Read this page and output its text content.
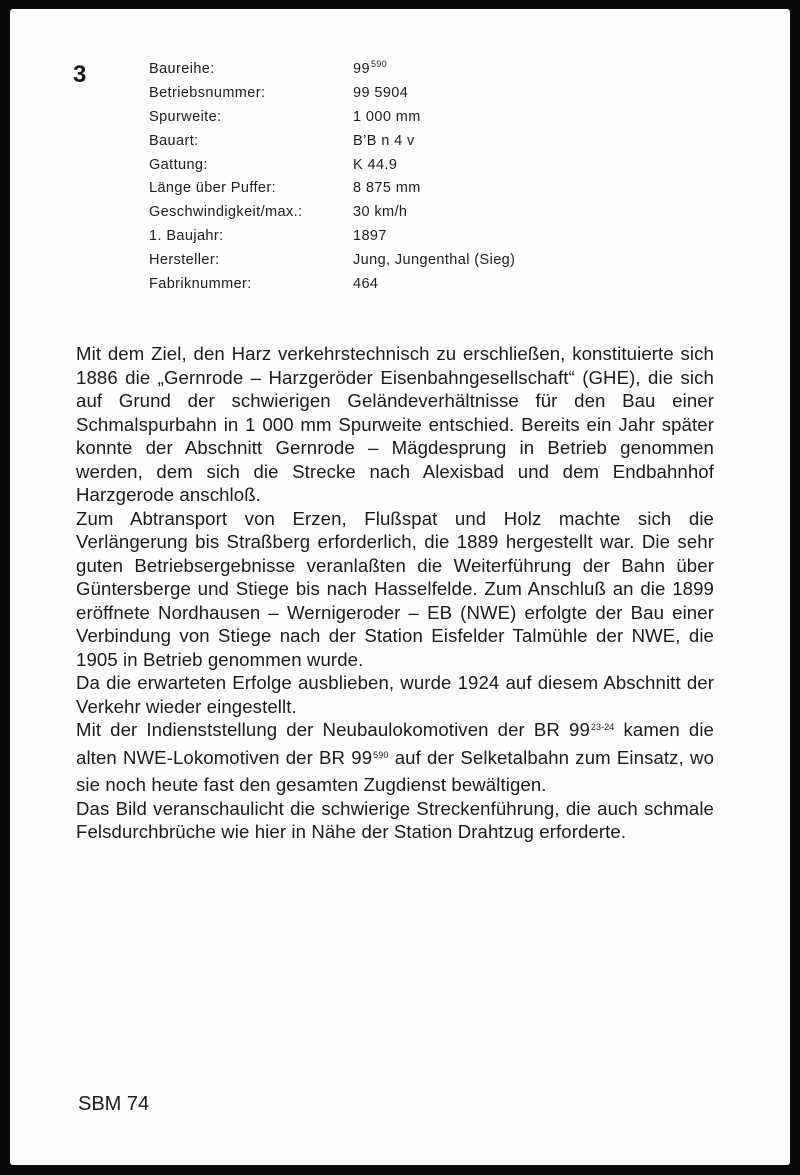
3	Baureihe:	$99^{590}$
Betriebsnummer:	99 5904
Spurweite:	1 000 mm
Bauart:	B’B n 4 v
Gattung:	K 44.9
Länge über Puffer:	8 875 mm
Geschwindigkeit/max.:	30 km/h
1. Baujahr:	1897
Hersteller:	Jung, Jungenthal (Sieg)
Fabriknummer:	464

Mit dem Ziel, den Harz verkehrstechnisch zu erschließen, konstituierte sich 1886 die „Gernrode – Harzgeröder Eisenbahngesellschaft“ (GHE), die sich auf Grund der schwierigen Geländeverhältnisse für den Bau einer Schmalspurbahn in 1 000 mm Spurweite entschied. Bereits ein Jahr später konnte der Abschnitt Gernrode – Mägdesprung in Betrieb genommen werden, dem sich die Strecke nach Alexisbad und dem Endbahnhof Harzgerode anschloß.

Zum Abtransport von Erzen, Flußspat und Holz machte sich die Verlängerung bis Straßberg erforderlich, die 1889 hergestellt war. Die sehr guten Betriebsergebnisse veranlaßten die Weiterführung der Bahn über Güntersberge und Stiege bis nach Hasselfelde. Zum Anschluß an die 1899 eröffnete Nordhausen – Wernigeroder – EB (NWE) erfolgte der Bau einer Verbindung von Stiege nach der Station Eisfelder Talmühle der NWE, die 1905 in Betrieb genommen wurde.

Da die erwarteten Erfolge ausblieben, wurde 1924 auf diesem Abschnitt der Verkehr wieder eingestellt.

Mit der Indienststellung der Neubaulokomotiven der BR 99$^{23-24}$ kamen die alten NWE-Lokomotiven der BR $99^{590}$ auf der Selketalbahn zum Einsatz, wo sie noch heute fast den gesamten Zugdienst bewältigen.

Das Bild veranschaulicht die schwierige Streckenführung, die auch schmale Felsdurchbrüche wie hier in Nähe der Station Drahtzug erforderte.

SBM 74
